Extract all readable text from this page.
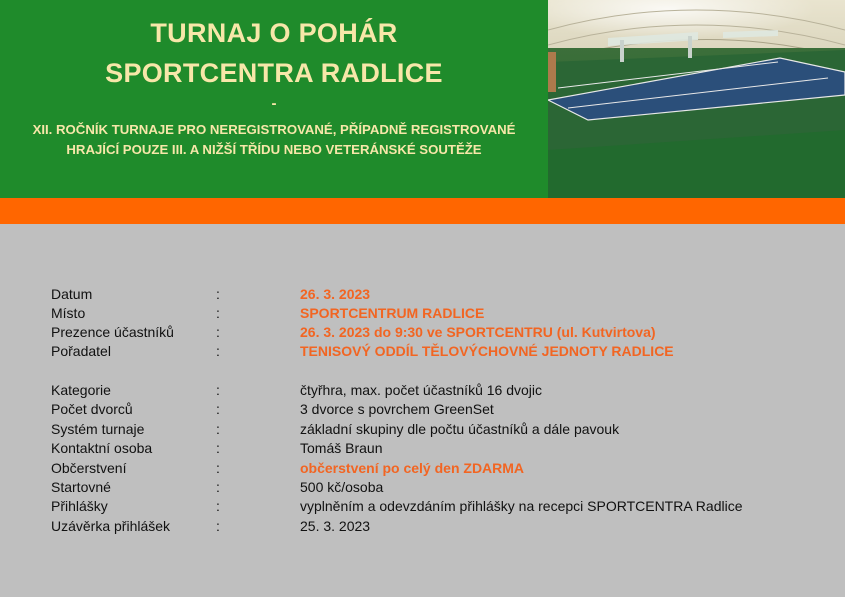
TURNAJ O POHÁR
SPORTCENTRA RADLICE
-
XII. ROČNÍK TURNAJE PRO NEREGISTROVANÉ, PŘÍPADNĚ REGISTROVANÉ
HRAJÍCÍ POUZE III. A NIŽŠÍ TŘÍDU NEBO VETERÁNSKÉ SOUTĚŽE
Datum	:	26. 3. 2023
Místo	:	SPORTCENTRUM RADLICE
Prezence účastníků	:	26. 3. 2023 do 9:30 ve SPORTCENTRU (ul. Kutvirtova)
Pořadatel	:	TENISOVÝ ODDÍL TĚLOVÝCHOVNÉ JEDNOTY RADLICE
Kategorie	:	čtyřhra, max. počet účastníků 16 dvojic
Počet dvorců	:	3 dvorce s povrchem GreenSet
Systém turnaje	:	základní skupiny dle počtu účastníků a dále pavouk
Kontaktní osoba	:	Tomáš Braun
Občerstvení	:	občerstvení po celý den ZDARMA
Startovné	:	500 kč/osoba
Přihlášky	:	vyplněním a odevzdáním přihlášky na recepci SPORTCENTRA Radlice
Uzávěrka přihlášek	:	25. 3. 2023
